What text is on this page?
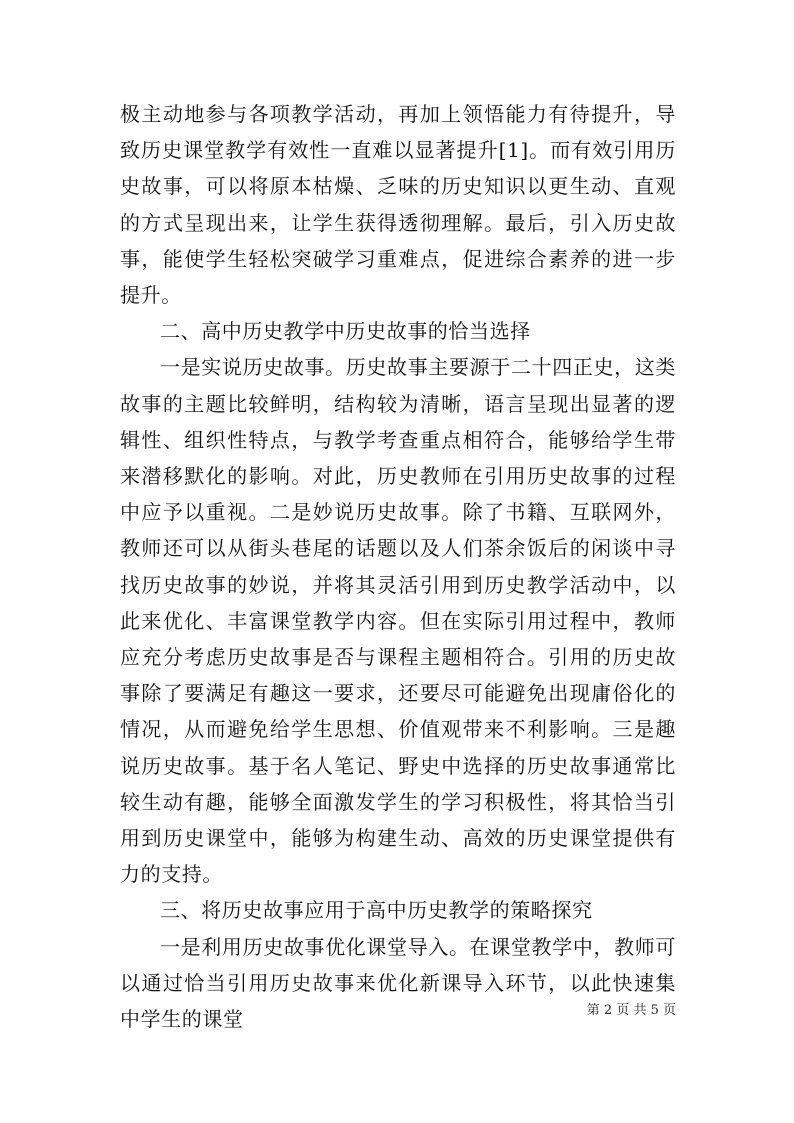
极主动地参与各项教学活动，再加上领悟能力有待提升，导致历史课堂教学有效性一直难以显著提升[1]。而有效引用历史故事，可以将原本枯燥、乏味的历史知识以更生动、直观的方式呈现出来，让学生获得透彻理解。最后，引入历史故事，能使学生轻松突破学习重难点，促进综合素养的进一步提升。

二、高中历史教学中历史故事的恰当选择

一是实说历史故事。历史故事主要源于二十四正史，这类故事的主题比较鲜明，结构较为清晰，语言呈现出显著的逻辑性、组织性特点，与教学考查重点相符合，能够给学生带来潜移默化的影响。对此，历史教师在引用历史故事的过程中应予以重视。二是妙说历史故事。除了书籍、互联网外，教师还可以从街头巷尾的话题以及人们茶余饭后的闲谈中寻找历史故事的妙说，并将其灵活引用到历史教学活动中，以此来优化、丰富课堂教学内容。但在实际引用过程中，教师应充分考虑历史故事是否与课程主题相符合。引用的历史故事除了要满足有趣这一要求，还要尽可能避免出现庸俗化的情况，从而避免给学生思想、价值观带来不利影响。三是趣说历史故事。基于名人笔记、野史中选择的历史故事通常比较生动有趣，能够全面激发学生的学习积极性，将其恰当引用到历史课堂中，能够为构建生动、高效的历史课堂提供有力的支持。

三、将历史故事应用于高中历史教学的策略探究

一是利用历史故事优化课堂导入。在课堂教学中，教师可以通过恰当引用历史故事来优化新课导入环节，以此快速集中学生的课堂	第 2 页 共 5 页
